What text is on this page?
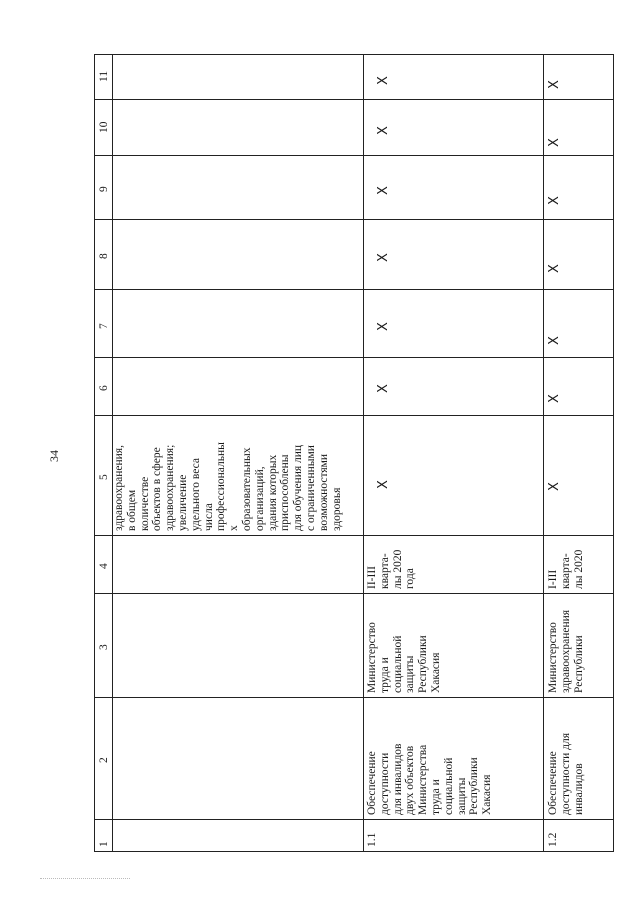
34
1
2
3
4
5
6
7
8
9
10
11
здравоохранения, в общем количестве объектов в сфере здравоохранения; увеличение удельного веса числа профессиональны х образовательных организаций, здания которых приспособлены для обучения лиц с ограниченными возможностями здоровья
1.1
Обеспечение доступности для инвалидов двух объектов Министерства труда и социальной защиты Республики Хакасия
Министерство труда и социальной защиты Республики Хакасия
II-III кварта- лы 2020 года
X
X
X
X
X
X
X
1.2
Обеспечение доступности для инвалидов
Министерство здравоохранения Республики
I-III кварта- лы 2020
X
X
X
X
X
X
X
